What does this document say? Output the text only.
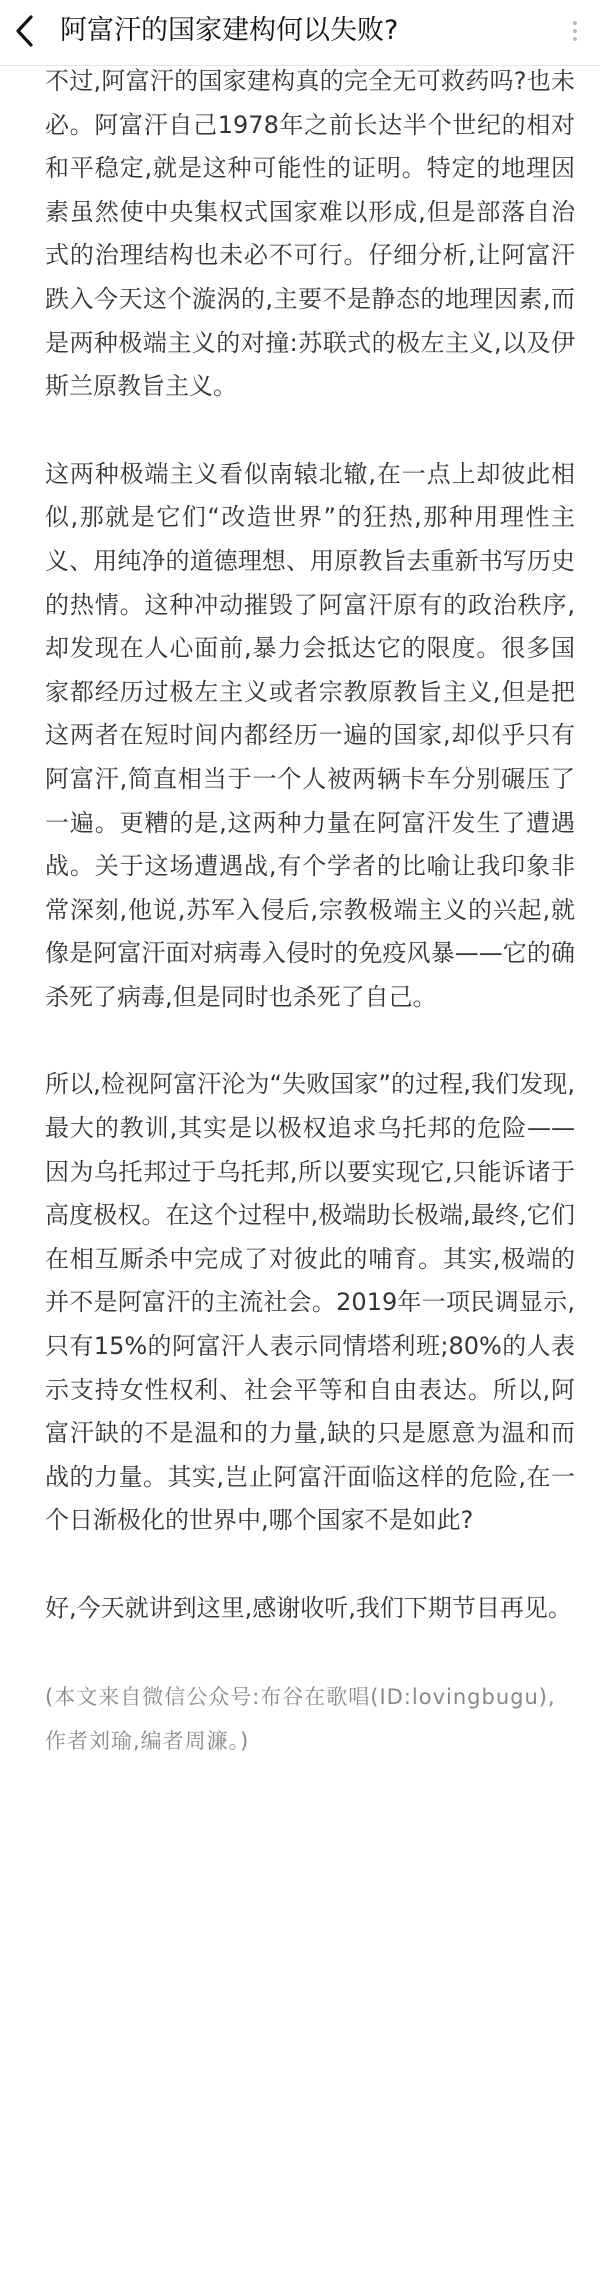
阿富汗的国家建构何以失败?

不过,阿富汗的国家建构真的完全无可救药吗?也未必。阿富汗自己1978年之前长达半个世纪的相对和平稳定,就是这种可能性的证明。特定的地理因素虽然使中央集权式国家难以形成,但是部落自治式的治理结构也未必不可行。仔细分析,让阿富汗跌入今天这个漩涡的,主要不是静态的地理因素,而是两种极端主义的对撞:苏联式的极左主义,以及伊斯兰原教旨主义。

这两种极端主义看似南辕北辙,在一点上却彼此相似,那就是它们“改造世界”的狂热,那种用理性主义、用纯净的道德理想、用原教旨去重新书写历史的热情。这种冲动摧毁了阿富汗原有的政治秩序,却发现在人心面前,暴力会抵达它的限度。很多国家都经历过极左主义或者宗教原教旨主义,但是把这两者在短时间内都经历一遍的国家,却似乎只有阿富汗,简直相当于一个人被两辆卡车分别碾压了一遍。更糟的是,这两种力量在阿富汗发生了遭遇战。关于这场遭遇战,有个学者的比喻让我印象非常深刻,他说,苏军入侵后,宗教极端主义的兴起,就像是阿富汗面对病毒入侵时的免疫风暴——它的确杀死了病毒,但是同时也杀死了自己。

所以,检视阿富汗沦为“失败国家”的过程,我们发现,最大的教训,其实是以极权追求乌托邦的危险——因为乌托邦过于乌托邦,所以要实现它,只能诉诸于高度极权。在这个过程中,极端助长极端,最终,它们在相互厮杀中完成了对彼此的哺育。其实,极端的并不是阿富汗的主流社会。2019年一项民调显示,只有15%的阿富汗人表示同情塔利班;80%的人表示支持女性权利、社会平等和自由表达。所以,阿富汗缺的不是温和的力量,缺的只是愿意为温和而战的力量。其实,岂止阿富汗面临这样的危险,在一个日渐极化的世界中,哪个国家不是如此?

好,今天就讲到这里,感谢收听,我们下期节目再见。

(本文来自微信公众号:布谷在歌唱(ID:lovingbugu),作者刘瑜,编者周濂。)
